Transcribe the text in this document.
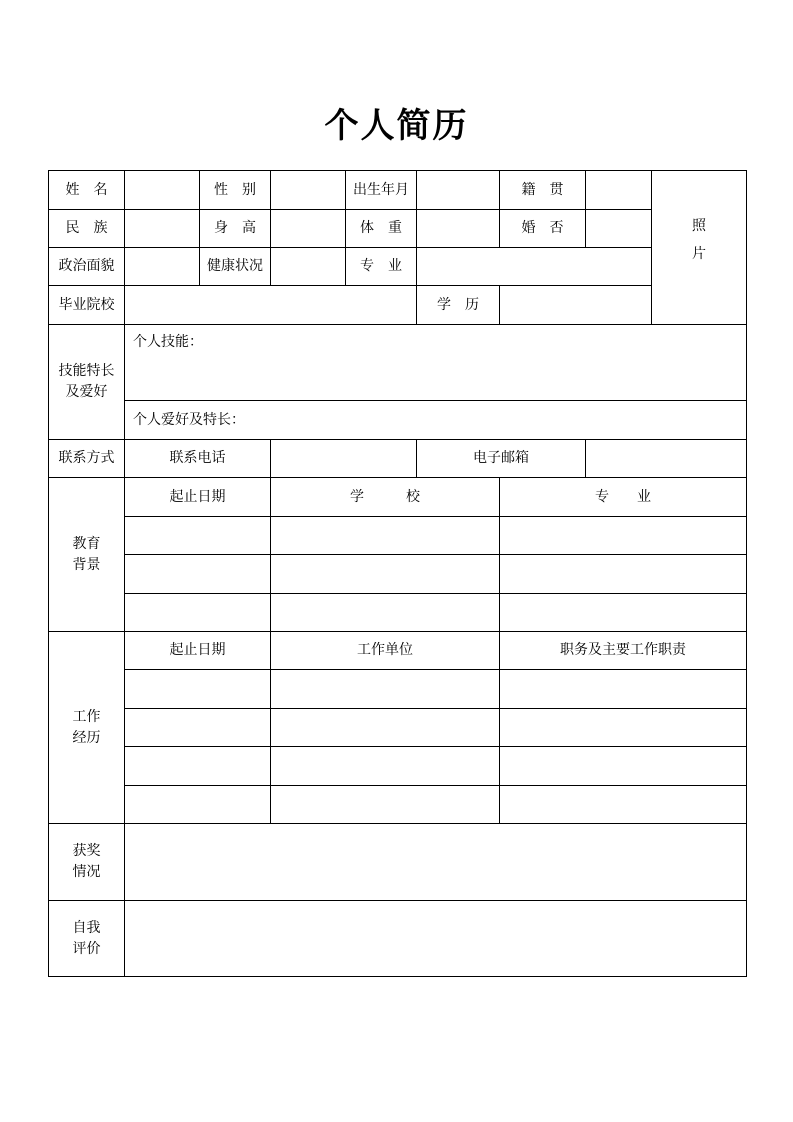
个人简历
姓　名		性　别		出生年月		籍　贯		照
片

民　族		身　高		体　重		婚　否		
政治面貌		健康状况		专　业				
毕业院校					学　历			

技能特长
及爱好	个人技能：							
	个人爱好及特长：							
联系方式	联系电话				电子邮箱			

教育
背景	起止日期		学　　　校			专　　业		

工作
经历	起止日期		工作单位			职务及主要工作职责		

获奖
情况								

自我
评价								
